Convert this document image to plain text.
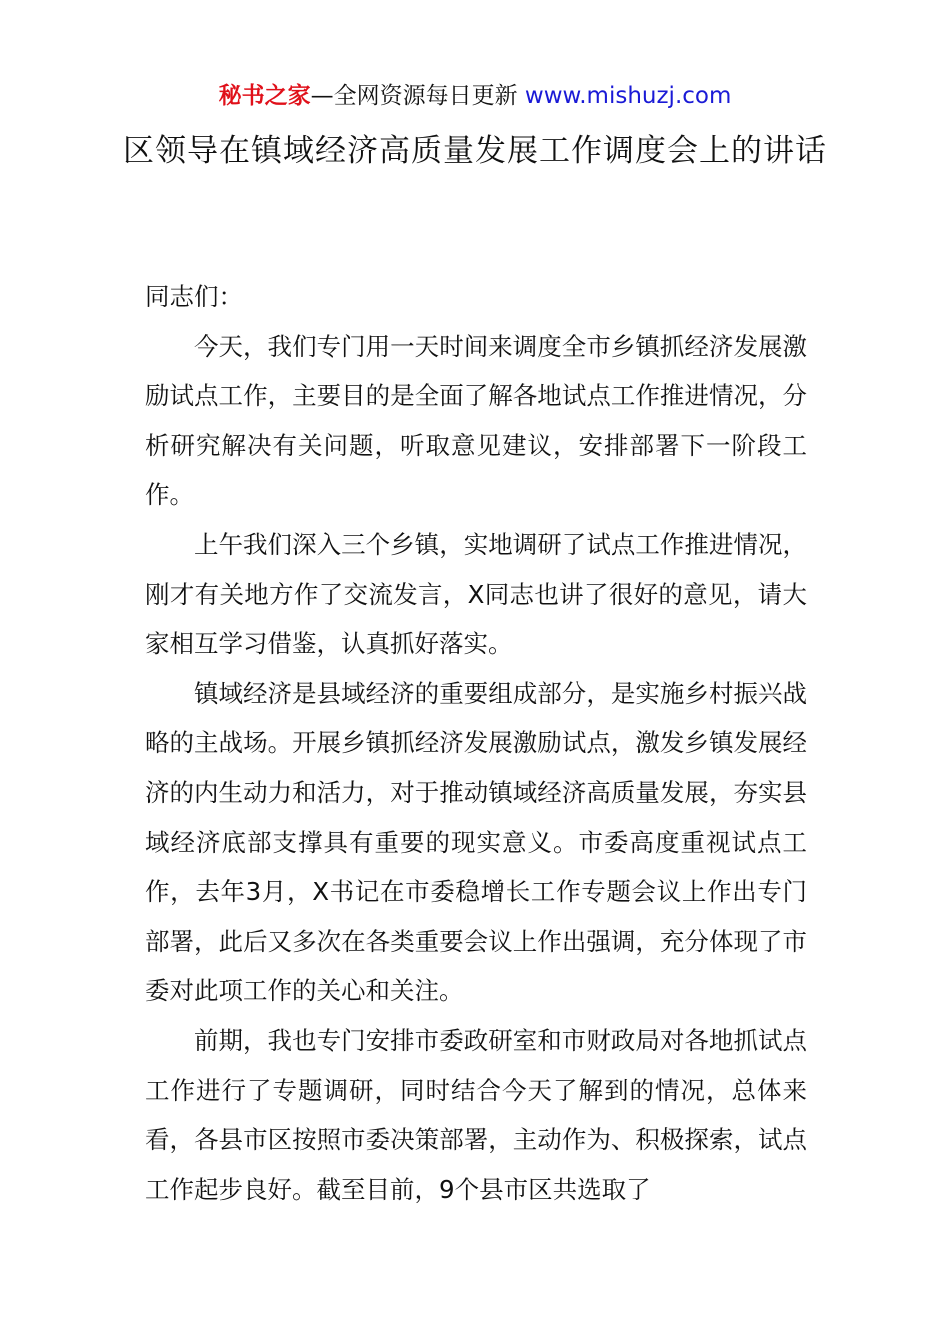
秘书之家—全网资源每日更新 www.mishuzj.com
区领导在镇域经济高质量发展工作调度会上的讲话

同志们：

今天，我们专门用一天时间来调度全市乡镇抓经济发展激励试点工作，主要目的是全面了解各地试点工作推进情况，分析研究解决有关问题，听取意见建议，安排部署下一阶段工作。

上午我们深入三个乡镇，实地调研了试点工作推进情况，刚才有关地方作了交流发言，X同志也讲了很好的意见，请大家相互学习借鉴，认真抓好落实。

镇域经济是县域经济的重要组成部分，是实施乡村振兴战略的主战场。开展乡镇抓经济发展激励试点，激发乡镇发展经济的内生动力和活力，对于推动镇域经济高质量发展，夯实县域经济底部支撑具有重要的现实意义。市委高度重视试点工作，去年3月，X书记在市委稳增长工作专题会议上作出专门部署，此后又多次在各类重要会议上作出强调，充分体现了市委对此项工作的关心和关注。

前期，我也专门安排市委政研室和市财政局对各地抓试点工作进行了专题调研，同时结合今天了解到的情况，总体来看，各县市区按照市委决策部署，主动作为、积极探索，试点工作起步良好。截至目前，9个县市区共选取了
